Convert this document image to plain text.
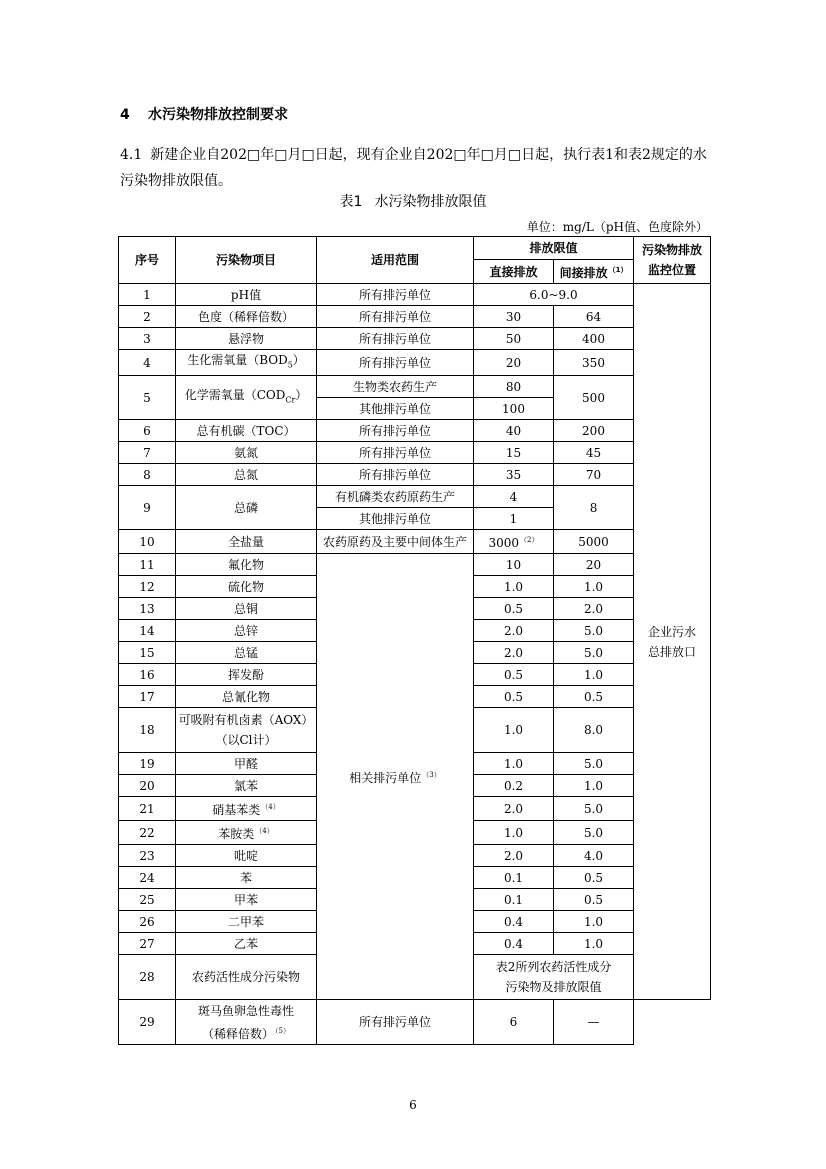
4 水污染物排放控制要求
4.1 新建企业自202□年□月□日起，现有企业自202□年□月□日起，执行表1和表2规定的水污染物排放限值。
表1 水污染物排放限值
单位：mg/L（pH值、色度除外）
序号	污染物项目	适用范围	排放限值		污染物排放
监控位置

			直接排放	间接排放$^{(1)}$
1	pH值	所有排污单位	6.0~9.0		企业污水
总排放口

2	色度（稀释倍数）	所有排污单位	30	64	
3	悬浮物	所有排污单位	50	400	
4	生化需氧量$(BOD_5)$	所有排污单位	20	350	
5	化学需氧量$(COD_{Cr})$	生物类农药生产	80	500	
		其他排污单位	100		
6	总有机碳（TOC）	所有排污单位	40	200	
7	氨氮	所有排污单位	15	45	
8	总氮	所有排污单位	35	70	
9	总磷	有机磷类农药原药生产	4	8	
		其他排污单位	1		
10	全盐量	农药原药及主要中间体生产	3000$^{(2)}$	5000	
11	氟化物	相关排污单位$^{(3)}$	10	20	
12	硫化物		1.0	1.0	
13	总铜		0.5	2.0	
14	总锌		2.0	5.0	
15	总锰		2.0	5.0	
16	挥发酚		0.5	1.0	
17	总氰化物		0.5	0.5	
18	可吸附有机卤素（AOX）
（以Cl计）		1.0	8.0	
19	甲醛		1.0	5.0	
20	氯苯		0.2	1.0	
21	硝基苯类$^{(4)}$		2.0	5.0	
22	苯胺类$^{(4)}$		1.0	5.0	
23	吡啶		2.0	4.0	
24	苯		0.1	0.5	
25	甲苯		0.1	0.5	
26	二甲苯		0.4	1.0	
27	乙苯		0.4	1.0	
28	农药活性成分污染物		表2所列农药活性成分
污染物及排放限值		

29	斑马鱼卵急性毒性
（稀释倍数）$^{(5)}$	所有排污单位	6	—	
6
